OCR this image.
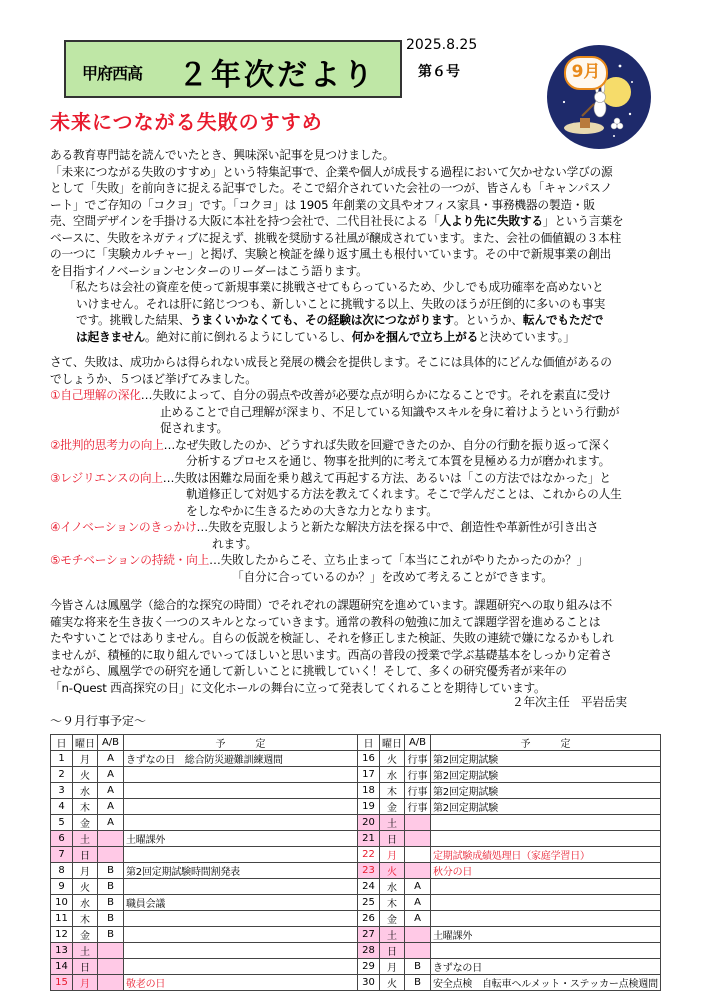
甲府西高 ２年次だより
2025.8.25
第６号	9月
未来につながる失敗のすすめ
ある教育専門誌を読んでいたとき、興味深い記事を見つけました。
「未来につながる失敗のすすめ」という特集記事で、企業や個人が成長する過程において欠かせない学びの源
として「失敗」を前向きに捉える記事でした。そこで紹介されていた会社の一つが、皆さんも「キャンパスノ
ート」でご存知の「コクヨ」です。「コクヨ」は 1905 年創業の文具やオフィス家具・事務機器の製造・販
売、空間デザインを手掛ける大阪に本社を持つ会社で、二代目社長による「人より先に失敗する」という言葉を
ベースに、失敗をネガティブに捉えず、挑戦を奨励する社風が醸成されています。また、会社の価値観の３本柱
の一つに「実験カルチャー」と掲げ、実験と検証を繰り返す風土も根付いています。その中で新規事業の創出
を目指すイノベーションセンターのリーダーはこう語ります。
「私たちは会社の資産を使って新規事業に挑戦させてもらっているため、少しでも成功確率を高めないと
いけません。それは肝に銘じつつも、新しいことに挑戦する以上、失敗のほうが圧倒的に多いのも事実
です。挑戦した結果、うまくいかなくても、その経験は次につながります。というか、転んでもただで
は起きません。絶対に前に倒れるようにしているし、何かを掴んで立ち上がると決めています。」
さて、失敗は、成功からは得られない成長と発展の機会を提供します。そこには具体的にどんな価値があるの
でしょうか、５つほど挙げてみました。
①自己理解の深化…失敗によって、自分の弱点や改善が必要な点が明らかになることです。それを素直に受け
止めることで自己理解が深まり、不足している知識やスキルを身に着けようという行動が
促されます。
②批判的思考力の向上…なぜ失敗したのか、どうすれば失敗を回避できたのか、自分の行動を振り返って深く
分析するプロセスを通じ、物事を批判的に考えて本質を見極める力が磨かれます。
③レジリエンスの向上…失敗は困難な局面を乗り越えて再起する方法、あるいは「この方法ではなかった」と
軌道修正して対処する方法を教えてくれます。そこで学んだことは、これからの人生
をしなやかに生きるための大きな力となります。
④イノベーションのきっかけ…失敗を克服しようと新たな解決方法を探る中で、創造性や革新性が引き出さ
れます。
⑤モチベーションの持続・向上…失敗したからこそ、立ち止まって「本当にこれがやりたかったのか？」
「自分に合っているのか？」を改めて考えることができます。
今皆さんは鳳凰学（総合的な探究の時間）でそれぞれの課題研究を進めています。課題研究への取り組みは不
確実な将来を生き抜く一つのスキルとなっていきます。通常の教科の勉強に加えて課題学習を進めることは
たやすいことではありません。自らの仮説を検証し、それを修正しまた検証、失敗の連続で嫌になるかもしれ
ませんが、積極的に取り組んでいってほしいと思います。西高の普段の授業で学ぶ基礎基本をしっかり定着さ
せながら、鳳凰学での研究を通して新しいことに挑戦していく！そして、多くの研究優秀者が来年の
「n-Quest 西高探究の日」に文化ホールの舞台に立って発表してくれることを期待しています。
２年次主任　平岩岳実
～９月行事予定～
日	曜日	A/B	予　　　定
1	月	A	きずなの日　総合防災避難訓練週間
2	火	A	
3	水	A	
4	木	A	
5	金	A	
6	土		土曜課外
7	日		
8	月	B	第2回定期試験時間割発表
9	火	B	
10	水	B	職員会議
11	木	B	
12	金	B	
13	土		
14	日		
15	月		敬老の日
日	曜日	A/B	予　　　定
16	火	行事	第2回定期試験
17	水	行事	第2回定期試験
18	木	行事	第2回定期試験
19	金	行事	第2回定期試験
20	土		
21	日		
22	月		定期試験成績処理日（家庭学習日）
23	火		秋分の日
24	水	A	
25	木	A	
26	金	A	
27	土		土曜課外
28	日		
29	月	B	きずなの日
30	火	B	安全点検　自転車ヘルメット・ステッカー点検週間
